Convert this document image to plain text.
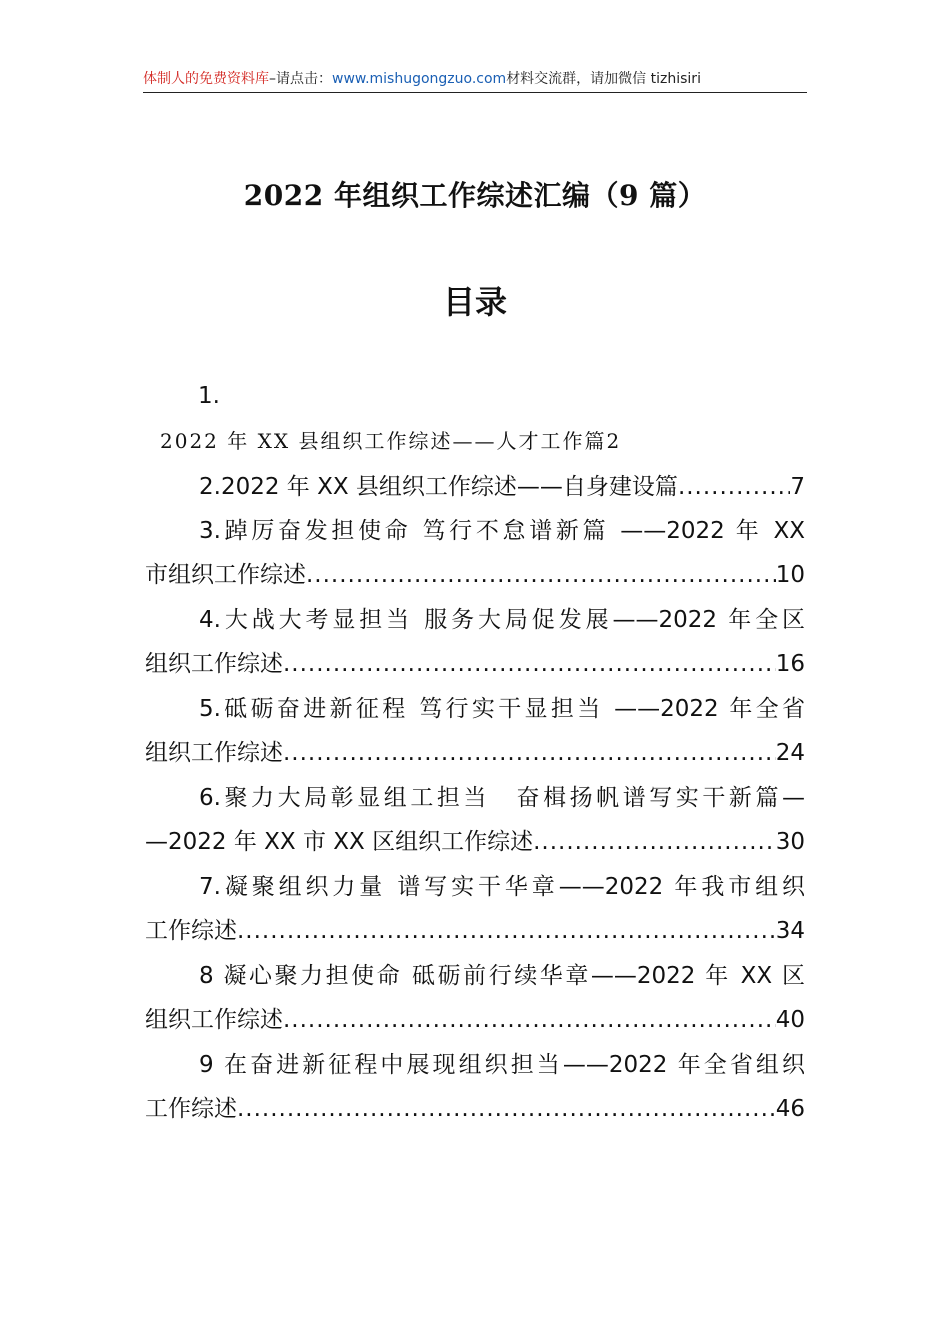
体制人的免费资料库–请点击：www.mishugongzuo.com材料交流群，请加微信 tizhisiri
2022 年组织工作综述汇编（9 篇）
目录
1.
2022 年 XX 县组织工作综述——人才工作篇2
2.2022 年 XX 县组织工作综述——自身建设篇 .....	7
3.踔厉奋发担使命 笃行不怠谱新篇 ——2022 年 XX
市组织工作综述 .....	10
4.大战大考显担当 服务大局促发展——2022 年全区
组织工作综述 .....	16
5.砥砺奋进新征程 笃行实干显担当 ——2022 年全省
组织工作综述 .....	24
6.聚力大局彰显组工担当　奋楫扬帆谱写实干新篇—
—2022 年 XX 市 XX 区组织工作综述 .....	30
7.凝聚组织力量 谱写实干华章——2022 年我市组织
工作综述 .....	34
8 凝心聚力担使命 砥砺前行续华章——2022 年 XX 区
组织工作综述 .....	40
9 在奋进新征程中展现组织担当——2022 年全省组织
工作综述 .....	46
